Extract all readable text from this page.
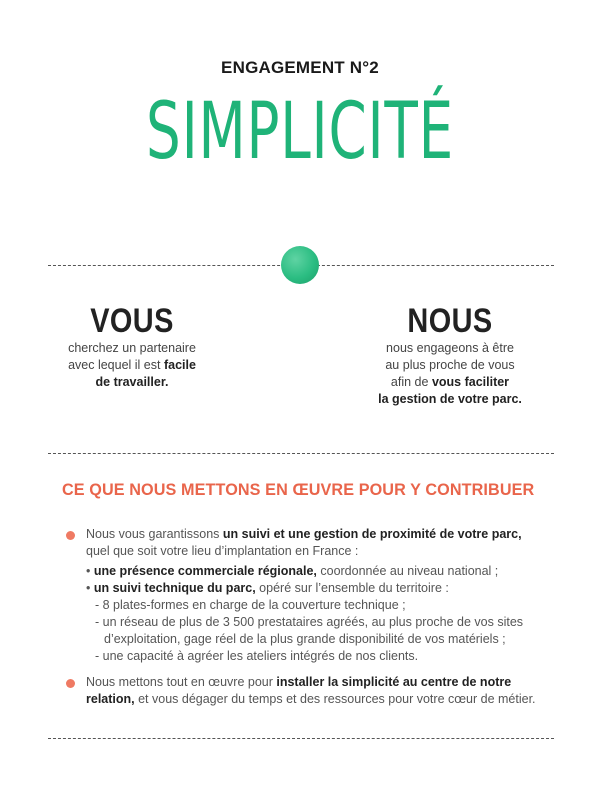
ENGAGEMENT N°2
SIMPLICITÉ
VOUS
cherchez un partenaire
avec lequel il est facile
de travailler.
NOUS
nous engageons à être
au plus proche de vous
afin de vous faciliter
la gestion de votre parc.
CE QUE NOUS METTONS EN ŒUVRE POUR Y CONTRIBUER
Nous vous garantissons un suivi et une gestion de proximité de votre parc,
quel que soit votre lieu d’implantation en France :
• une présence commerciale régionale, coordonnée au niveau national ;
• un suivi technique du parc, opéré sur l’ensemble du territoire :
- 8 plates-formes en charge de la couverture technique ;
- un réseau de plus de 3 500 prestataires agréés, au plus proche de vos sites
d’exploitation, gage réel de la plus grande disponibilité de vos matériels ;
- une capacité à agréer les ateliers intégrés de nos clients.
Nous mettons tout en œuvre pour installer la simplicité au centre de notre
relation, et vous dégager du temps et des ressources pour votre cœur de métier.
